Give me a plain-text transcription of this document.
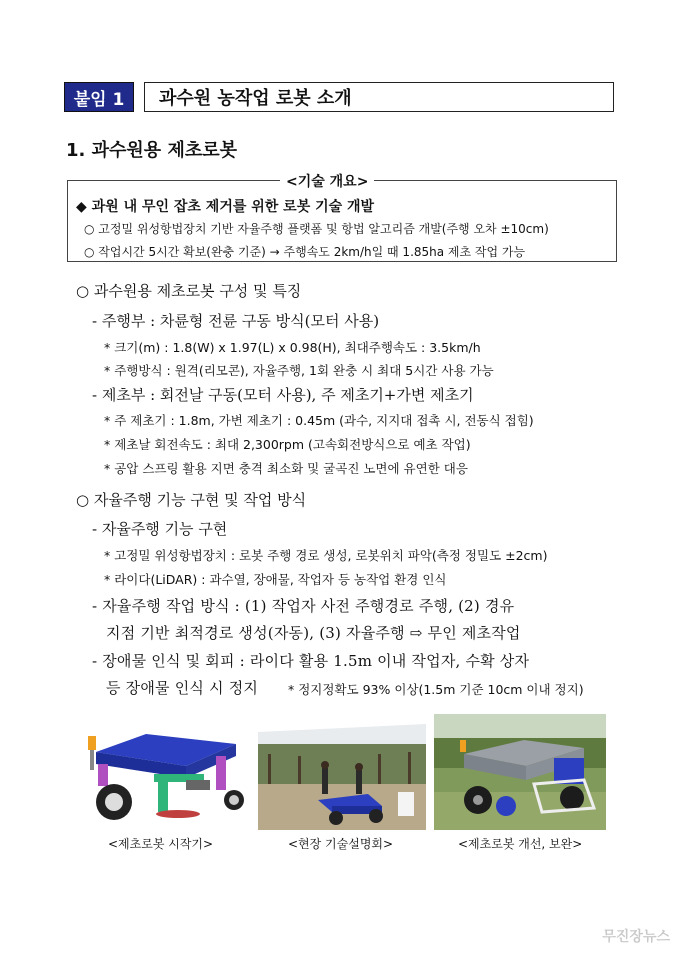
붙임 1	과수원 농작업 로봇 소개
1. 과수원용 제초로봇
<기술 개요>
◆ 과원 내 무인 잡초 제거를 위한 로봇 기술 개발
○ 고정밀 위성항법장치 기반 자율주행 플랫폼 및 항법 알고리즘 개발(주행 오차 ±10cm)
○ 작업시간 5시간 확보(완충 기준) → 주행속도 2km/h일 때 1.85ha 제초 작업 가능
○ 과수원용 제초로봇 구성 및 특징
- 주행부 : 차륜형 전륜 구동 방식(모터 사용)
* 크기(m) : 1.8(W) x 1.97(L) x 0.98(H), 최대주행속도 : 3.5km/h
* 주행방식 : 원격(리모콘), 자율주행, 1회 완충 시 최대 5시간 사용 가능
- 제초부 : 회전날 구동(모터 사용), 주 제초기+가변 제초기
* 주 제초기 : 1.8m, 가변 제초기 : 0.45m (과수, 지지대 접촉 시, 전동식 접힘)
* 제초날 회전속도 : 최대 2,300rpm (고속회전방식으로 예초 작업)
* 공압 스프링 활용 지면 충격 최소화 및 굴곡진 노면에 유연한 대응
○ 자율주행 기능 구현 및 작업 방식
- 자율주행 기능 구현
* 고정밀 위성항법장치 : 로봇 주행 경로 생성, 로봇위치 파악(측정 정밀도 ±2cm)
* 라이다(LiDAR) : 과수열, 장애물, 작업자 등 농작업 환경 인식
- 자율주행 작업 방식 : (1) 작업자 사전 주행경로 주행, (2) 경유
지점 기반 최적경로 생성(자동), (3) 자율주행 ⇨ 무인 제초작업
- 장애물 인식 및 회피 : 라이다 활용 1.5m 이내 작업자, 수확 상자
등 장애물 인식 시 정지 * 정지정확도 93% 이상(1.5m 기준 10cm 이내 정지)
<제초로봇 시작기>	<현장 기술설명회>	<제초로봇 개선, 보완>
무진장뉴스
